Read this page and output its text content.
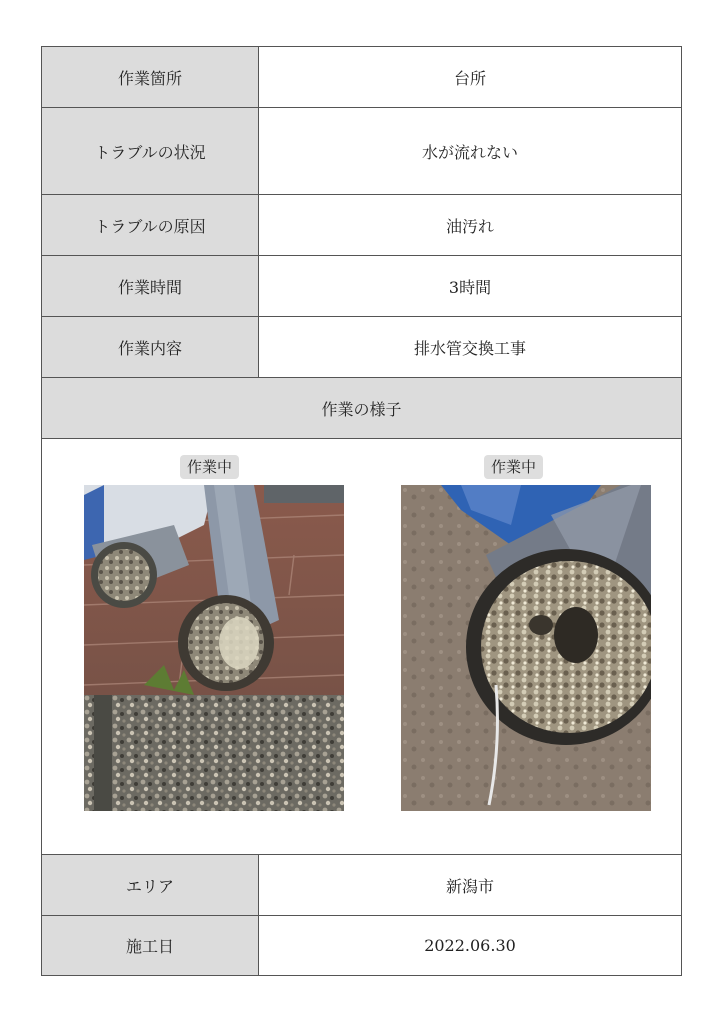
作業箇所	台所
トラブルの状況	水が流れない
トラブルの原因	油汚れ
作業時間	3時間
作業内容	排水管交換工事
作業の様子
作業中	作業中
エリア	新潟市
施工日	2022.06.30
